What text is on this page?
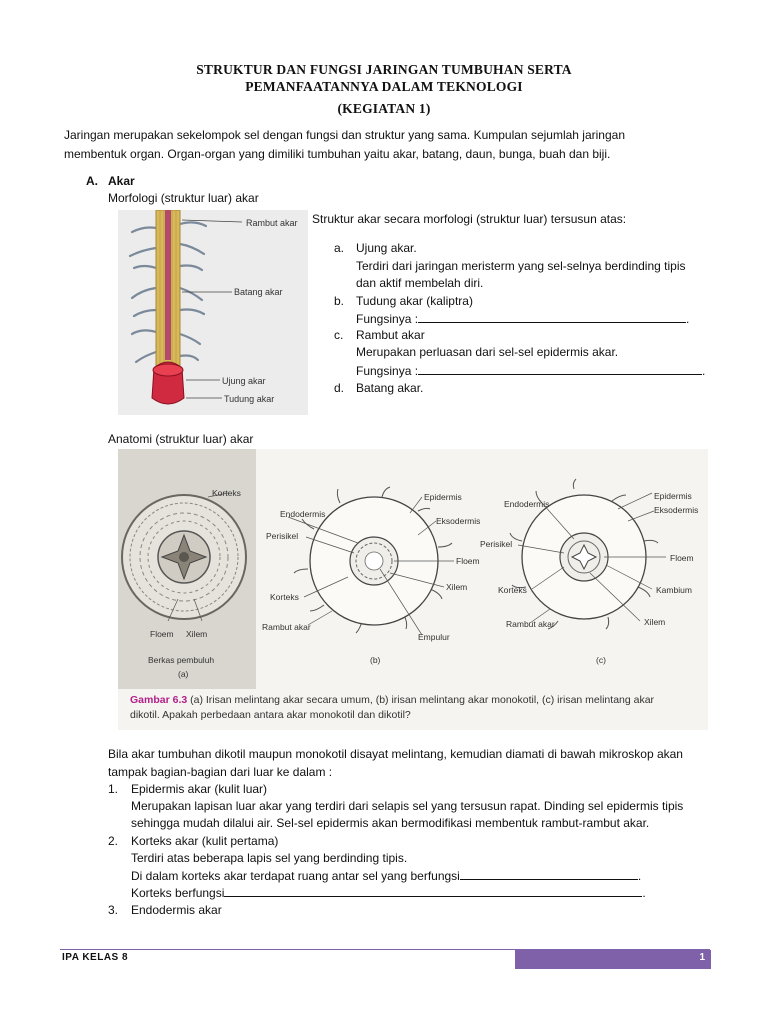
STRUKTUR DAN FUNGSI JARINGAN TUMBUHAN SERTA
PEMANFAATANNYA DALAM TEKNOLOGI
(KEGIATAN 1)
Jaringan merupakan sekelompok sel dengan fungsi dan struktur yang sama. Kumpulan sejumlah jaringan
membentuk organ. Organ-organ yang dimiliki tumbuhan yaitu akar, batang, daun, bunga, buah dan biji.
A. Akar
Morfologi (struktur luar) akar
Rambut akar
Batang akar
Ujung akar
Tudung akar
Struktur akar secara morfologi (struktur luar) tersusun atas:
a. Ujung akar.
Terdiri dari jaringan meristerm yang sel-selnya berdinding tipis
dan aktif membelah diri.
b. Tudung akar (kaliptra)
Fungsinya :	.
c. Rambut akar
Merupakan perluasan dari sel-sel epidermis akar.
Fungsinya :	.
d. Batang akar.
Anatomi (struktur luar) akar
Korteks
Floem Xilem
Berkas pembuluh
(a)
Epidermis
Endodermis
Eksodermis
Perisikel
Floem
Xilem
Korteks
Rambut akar
Empulur
(b)
Endodermis
Epidermis
Eksodermis
Perisikel
Floem
Korteks	Kambium
Rambut akar	Xilem
(c)
Gambar 6.3 (a) Irisan melintang akar secara umum, (b) irisan melintang akar monokotil, (c) irisan melintang akar
dikotil. Apakah perbedaan antara akar monokotil dan dikotil?
Bila akar tumbuhan dikotil maupun monokotil disayat melintang, kemudian diamati di bawah mikroskop akan
tampak bagian-bagian dari luar ke dalam :
1. Epidermis akar (kulit luar)
Merupakan lapisan luar akar yang terdiri dari selapis sel yang tersusun rapat. Dinding sel epidermis tipis
sehingga mudah dilalui air. Sel-sel epidermis akan bermodifikasi membentuk rambut-rambut akar.
2. Korteks akar (kulit pertama)
Terdiri atas beberapa lapis sel yang berdinding tipis.
Di dalam korteks akar terdapat ruang antar sel yang berfungsi	.
Korteks berfungsi	.
3. Endodermis akar
IPA KELAS 8	1
